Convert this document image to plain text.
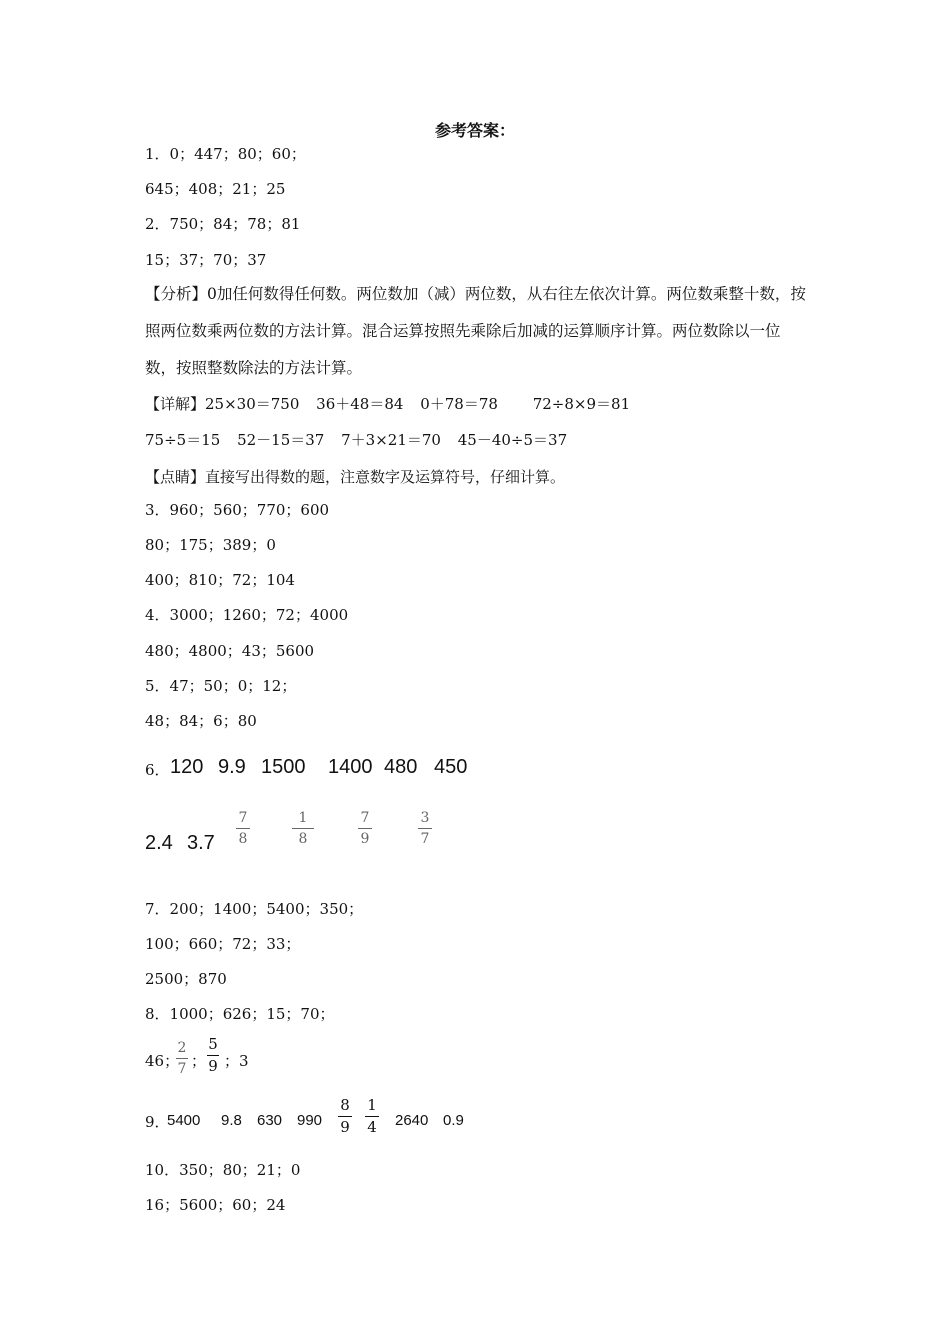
参考答案：
1．0；447；80；60；
645；408；21；25
2．750；84；78；81
15；37；70；37
【分析】0加任何数得任何数。两位数加（减）两位数，从右往左依次计算。两位数乘整十数，按照两位数乘两位数的方法计算。混合运算按照先乘除后加减的运算顺序计算。两位数除以一位数，按照整数除法的方法计算。
【详解】25×30＝750 36＋48＝84 0＋78＝78 72÷8×9＝81
75÷5＝15 52－15＝37 7＋3×21＝70 45－40÷5＝37
【点睛】直接写出得数的题，注意数字及运算符号，仔细计算。
3．960；560；770；600
80；175；389；0
400；810；72；104
4．3000；1260；72；4000
480；4800；43；5600
5．47；50；0；12；
48；84；6；80
6． 120 9.9 1500 1400 480 450
2.4 3.7
7
8
1
8
7
9
3
7
7．200；1400；5400；350；
100；660；72；33；
2500；870
8．1000；626；15；70；
46；
2
7 ；
5
9 ；3
9．
5400 9.8 630 990
8
9
1
4 2640 0.9
10．350；80；21；0
16；5600；60；24
